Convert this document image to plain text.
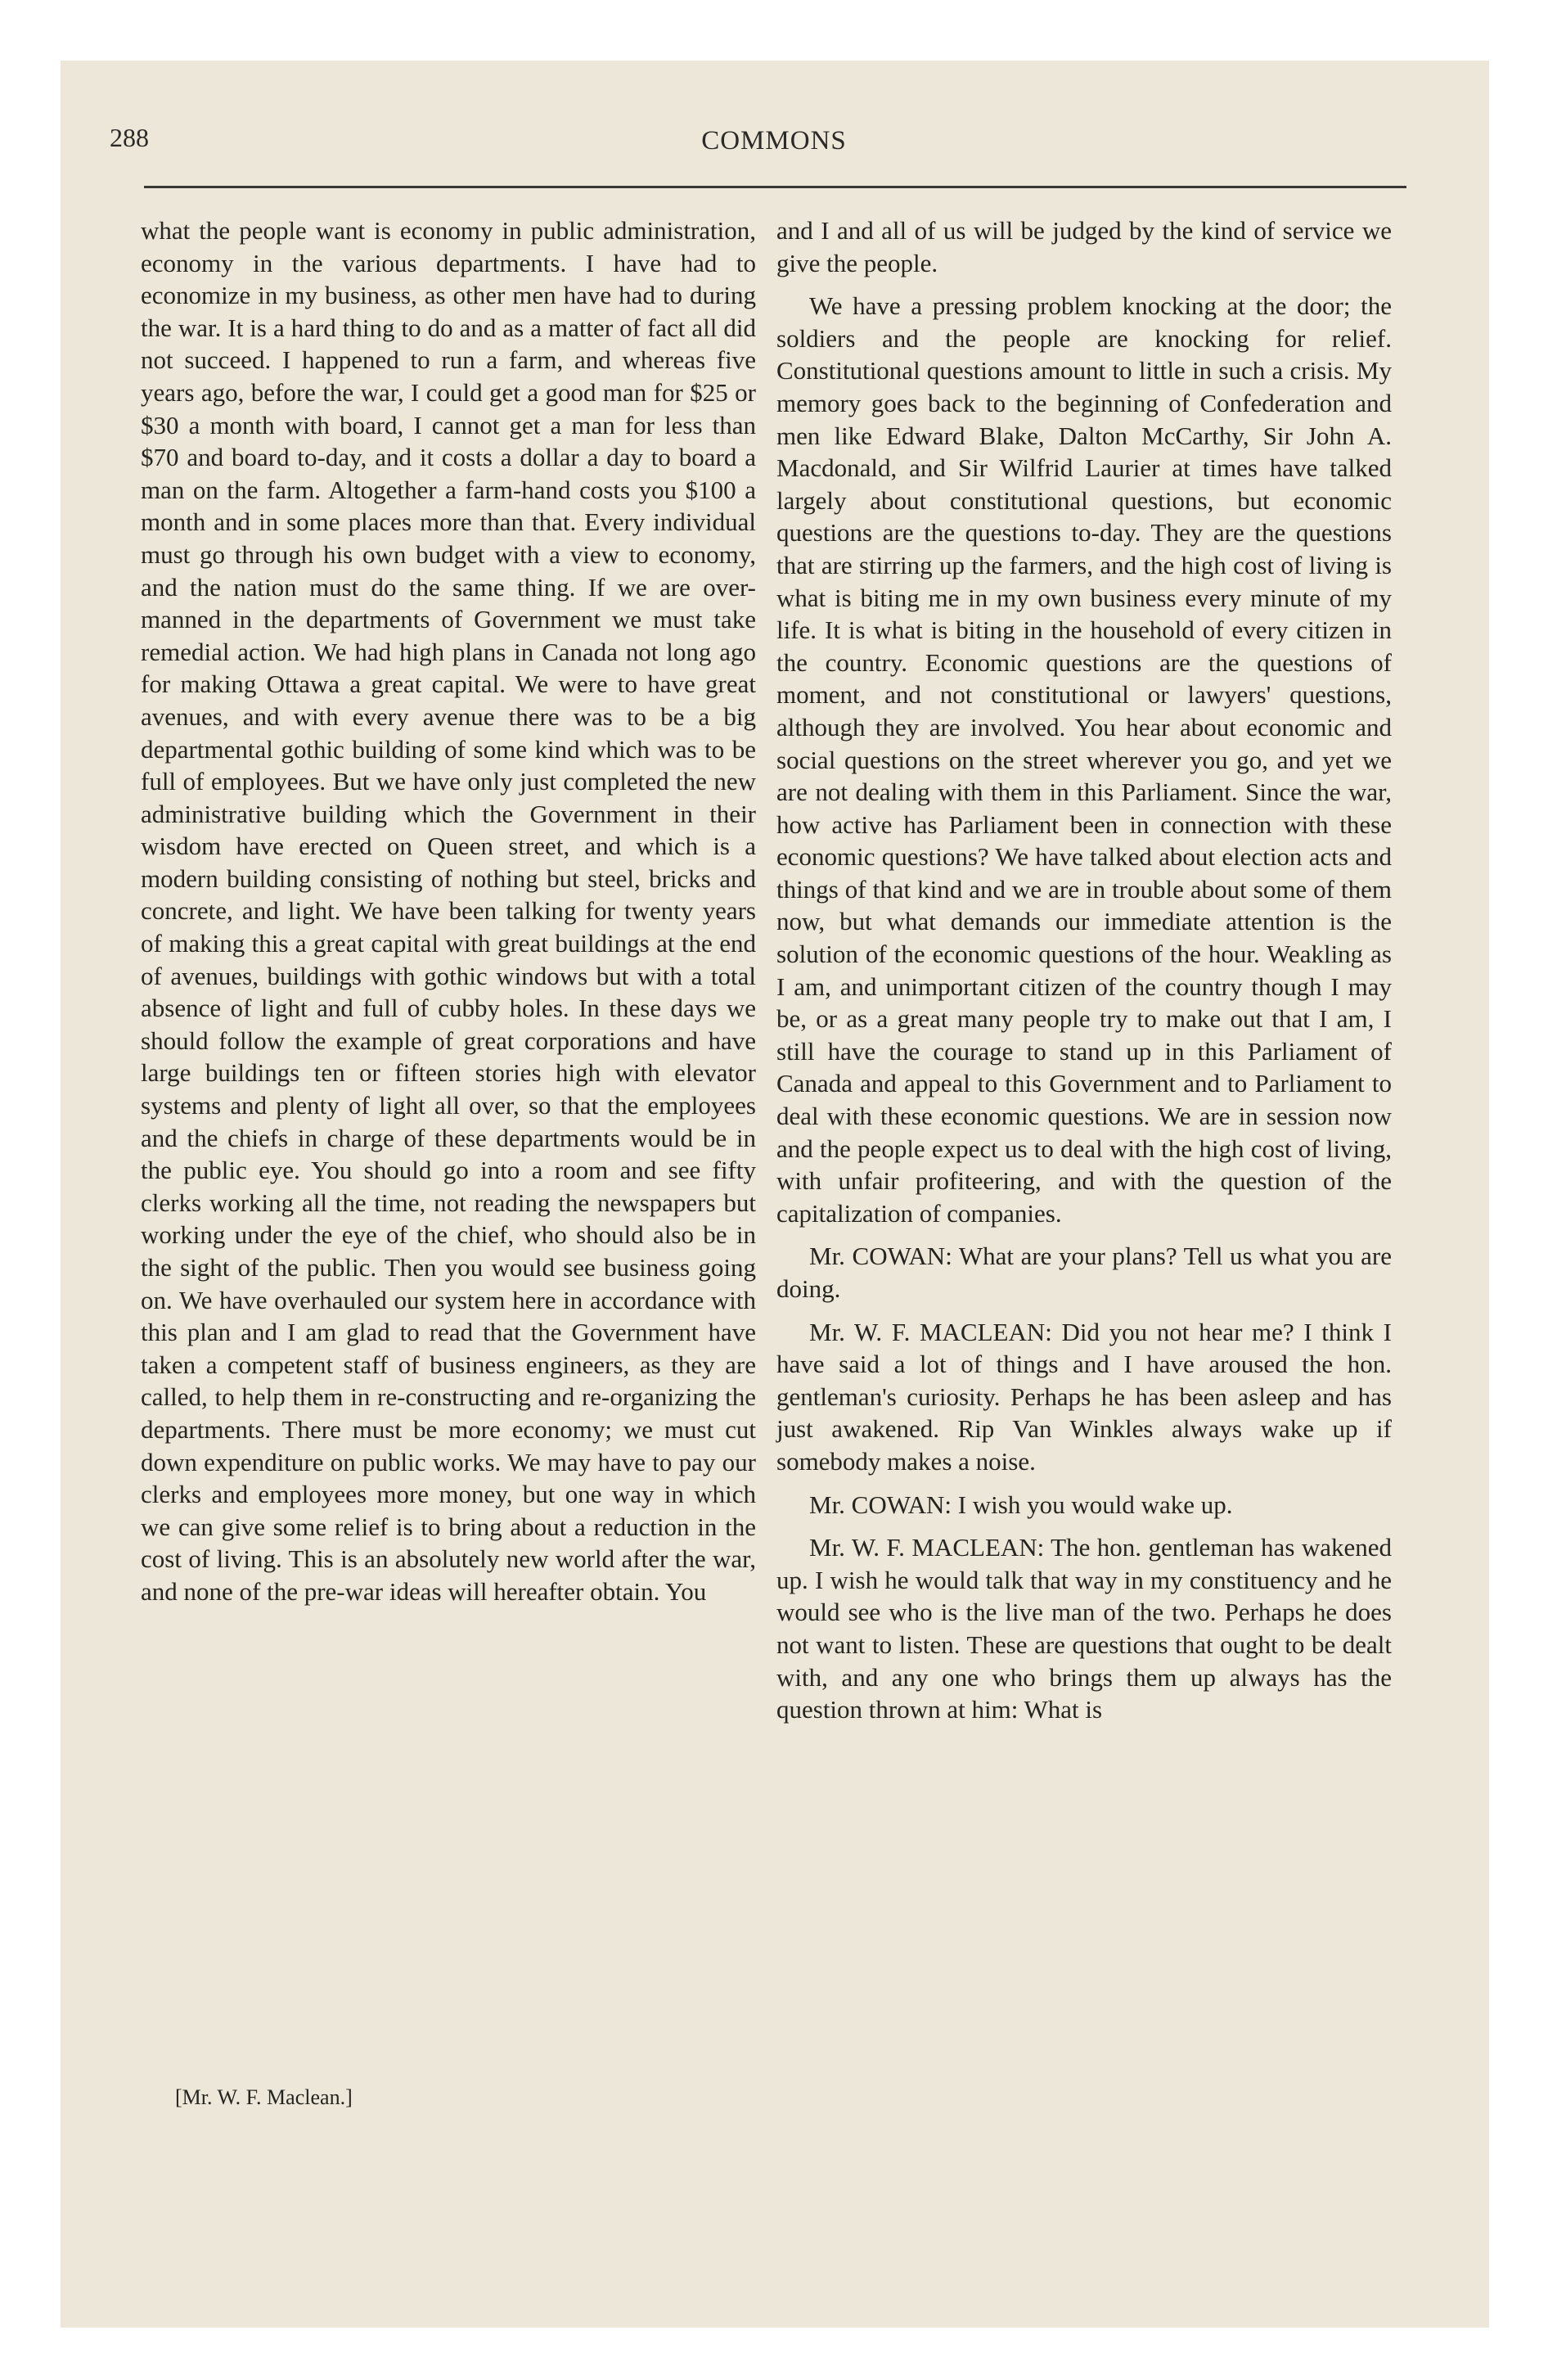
288	COMMONS

what the people want is economy in public administration, economy in the various departments. I have had to economize in my business, as other men have had to during the war. It is a hard thing to do and as a matter of fact all did not succeed. I happened to run a farm, and whereas five years ago, before the war, I could get a good man for $25 or $30 a month with board, I cannot get a man for less than $70 and board to-day, and it costs a dollar a day to board a man on the farm. Altogether a farm-hand costs you $100 a month and in some places more than that. Every individual must go through his own budget with a view to economy, and the nation must do the same thing. If we are over-manned in the departments of Government we must take remedial action. We had high plans in Canada not long ago for making Ottawa a great capital. We were to have great avenues, and with every avenue there was to be a big departmental gothic building of some kind which was to be full of employees. But we have only just completed the new administrative building which the Government in their wisdom have erected on Queen street, and which is a modern building consisting of nothing but steel, bricks and concrete, and light. We have been talking for twenty years of making this a great capital with great buildings at the end of avenues, buildings with gothic windows but with a total absence of light and full of cubby holes. In these days we should follow the example of great corporations and have large buildings ten or fifteen stories high with elevator systems and plenty of light all over, so that the employees and the chiefs in charge of these departments would be in the public eye. You should go into a room and see fifty clerks working all the time, not reading the newspapers but working under the eye of the chief, who should also be in the sight of the public. Then you would see business going on. We have overhauled our system here in accordance with this plan and I am glad to read that the Government have taken a competent staff of business engineers, as they are called, to help them in re-constructing and re-organizing the departments. There must be more economy; we must cut down expenditure on public works. We may have to pay our clerks and employees more money, but one way in which we can give some relief is to bring about a reduction in the cost of living. This is an absolutely new world after the war, and none of the pre-war ideas will hereafter obtain. You

[Mr. W. F. Maclean.]

and I and all of us will be judged by the kind of service we give the people.

We have a pressing problem knocking at the door; the soldiers and the people are knocking for relief. Constitutional questions amount to little in such a crisis. My memory goes back to the beginning of Confederation and men like Edward Blake, Dalton McCarthy, Sir John A. Macdonald, and Sir Wilfrid Laurier at times have talked largely about constitutional questions, but economic questions are the questions to-day. They are the questions that are stirring up the farmers, and the high cost of living is what is biting me in my own business every minute of my life. It is what is biting in the household of every citizen in the country. Economic questions are the questions of moment, and not constitutional or lawyers' questions, although they are involved. You hear about economic and social questions on the street wherever you go, and yet we are not dealing with them in this Parliament. Since the war, how active has Parliament been in connection with these economic questions? We have talked about election acts and things of that kind and we are in trouble about some of them now, but what demands our immediate attention is the solution of the economic questions of the hour. Weakling as I am, and unimportant citizen of the country though I may be, or as a great many people try to make out that I am, I still have the courage to stand up in this Parliament of Canada and appeal to this Government and to Parliament to deal with these economic questions. We are in session now and the people expect us to deal with the high cost of living, with unfair profiteering, and with the question of the capitalization of companies.

Mr. COWAN: What are your plans? Tell us what you are doing.

Mr. W. F. MACLEAN: Did you not hear me? I think I have said a lot of things and I have aroused the hon. gentleman's curiosity. Perhaps he has been asleep and has just awakened. Rip Van Winkles always wake up if somebody makes a noise.

Mr. COWAN: I wish you would wake up.

Mr. W. F. MACLEAN: The hon. gentleman has wakened up. I wish he would talk that way in my constituency and he would see who is the live man of the two. Perhaps he does not want to listen. These are questions that ought to be dealt with, and any one who brings them up always has the question thrown at him: What is
